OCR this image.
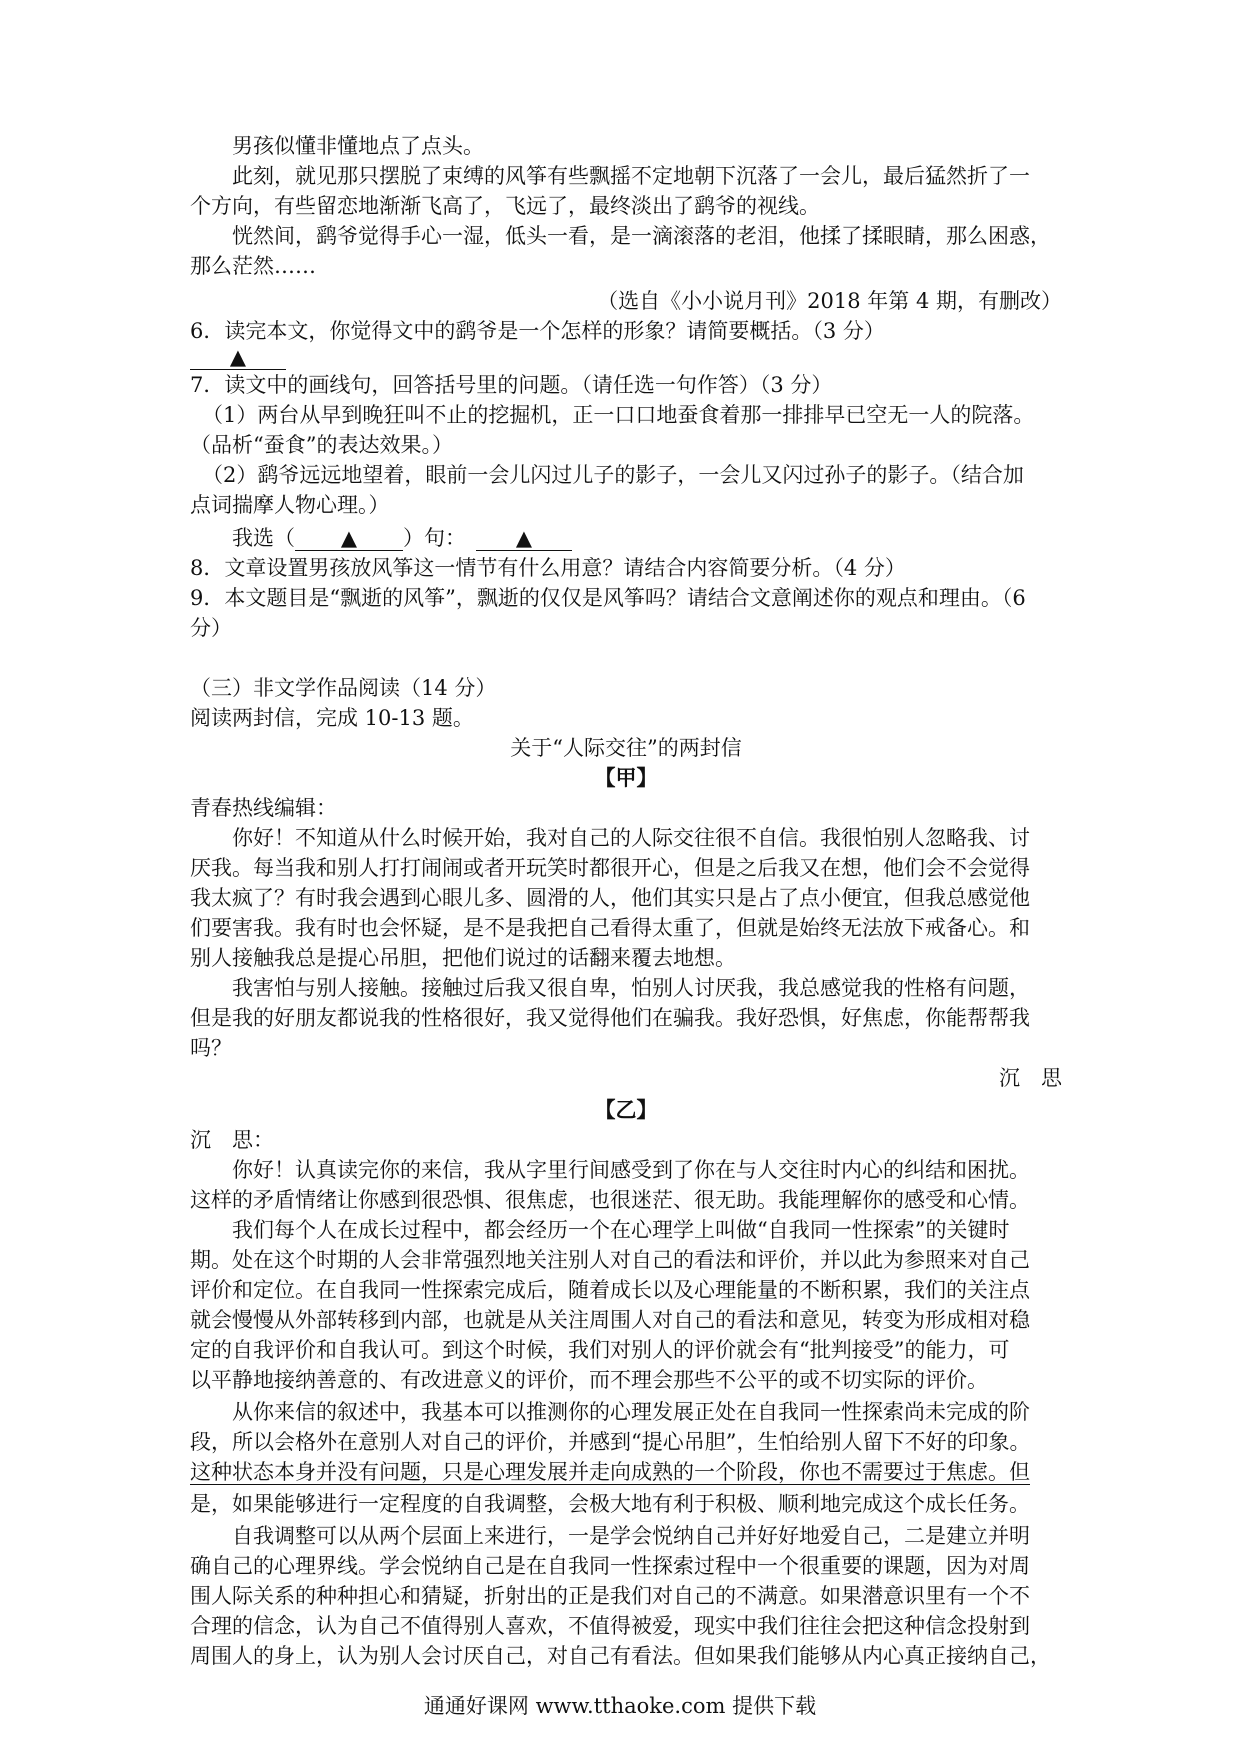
男孩似懂非懂地点了点头。
此刻，就见那只摆脱了束缚的风筝有些飘摇不定地朝下沉落了一会儿，最后猛然折了一
个方向，有些留恋地渐渐飞高了，飞远了，最终淡出了鹞爷的视线。
恍然间，鹞爷觉得手心一湿，低头一看，是一滴滚落的老泪，他揉了揉眼睛，那么困惑，
那么茫然……
（选自《小小说月刊》2018 年第 4 期，有删改）
6．读完本文，你觉得文中的鹞爷是一个怎样的形象？请简要概括。（3 分）
▲
7．读文中的画线句，回答括号里的问题。（请任选一句作答）（3 分）
（1）两台从早到晚狂叫不止的挖掘机，正一口口地蚕食着那一排排早已空无一人的院落。
（品析“蚕食”的表达效果。）
（2）鹞爷远远地望着，眼前一会儿闪过儿子的影子，一会儿又闪过孙子的影子。（结合加
点词揣摩人物心理。）
我选（ ▲ ）句： ▲
8．文章设置男孩放风筝这一情节有什么用意？请结合内容简要分析。（4 分）
9．本文题目是“飘逝的风筝”，飘逝的仅仅是风筝吗？请结合文意阐述你的观点和理由。（6
分）
（三）非文学作品阅读（14 分）
阅读两封信，完成 10-13 题。
关于“人际交往”的两封信
【甲】
青春热线编辑：
你好！不知道从什么时候开始，我对自己的人际交往很不自信。我很怕别人忽略我、讨
厌我。每当我和别人打打闹闹或者开玩笑时都很开心，但是之后我又在想，他们会不会觉得
我太疯了？有时我会遇到心眼儿多、圆滑的人，他们其实只是占了点小便宜，但我总感觉他
们要害我。我有时也会怀疑，是不是我把自己看得太重了，但就是始终无法放下戒备心。和
别人接触我总是提心吊胆，把他们说过的话翻来覆去地想。
我害怕与别人接触。接触过后我又很自卑，怕别人讨厌我，我总感觉我的性格有问题，
但是我的好朋友都说我的性格很好，我又觉得他们在骗我。我好恐惧，好焦虑，你能帮帮我
吗？
沉　思
【乙】
沉　思：
你好！认真读完你的来信，我从字里行间感受到了你在与人交往时内心的纠结和困扰。
这样的矛盾情绪让你感到很恐惧、很焦虑，也很迷茫、很无助。我能理解你的感受和心情。
我们每个人在成长过程中，都会经历一个在心理学上叫做“自我同一性探索”的关键时
期。处在这个时期的人会非常强烈地关注别人对自己的看法和评价，并以此为参照来对自己
评价和定位。在自我同一性探索完成后，随着成长以及心理能量的不断积累，我们的关注点
就会慢慢从外部转移到内部，也就是从关注周围人对自己的看法和意见，转变为形成相对稳
定的自我评价和自我认可。到这个时候，我们对别人的评价就会有“批判接受”的能力，可
以平静地接纳善意的、有改进意义的评价，而不理会那些不公平的或不切实际的评价。
从你来信的叙述中，我基本可以推测你的心理发展正处在自我同一性探索尚未完成的阶
段，所以会格外在意别人对自己的评价，并感到“提心吊胆”，生怕给别人留下不好的印象。
这种状态本身并没有问题，只是心理发展并走向成熟的一个阶段，你也不需要过于焦虑。但
是，如果能够进行一定程度的自我调整，会极大地有利于积极、顺利地完成这个成长任务。
自我调整可以从两个层面上来进行，一是学会悦纳自己并好好地爱自己，二是建立并明
确自己的心理界线。学会悦纳自己是在自我同一性探索过程中一个很重要的课题，因为对周
围人际关系的种种担心和猜疑，折射出的正是我们对自己的不满意。如果潜意识里有一个不
合理的信念，认为自己不值得别人喜欢，不值得被爱，现实中我们往往会把这种信念投射到
周围人的身上，认为别人会讨厌自己，对自己有看法。但如果我们能够从内心真正接纳自己，
通通好课网 www.tthaoke.com 提供下载
